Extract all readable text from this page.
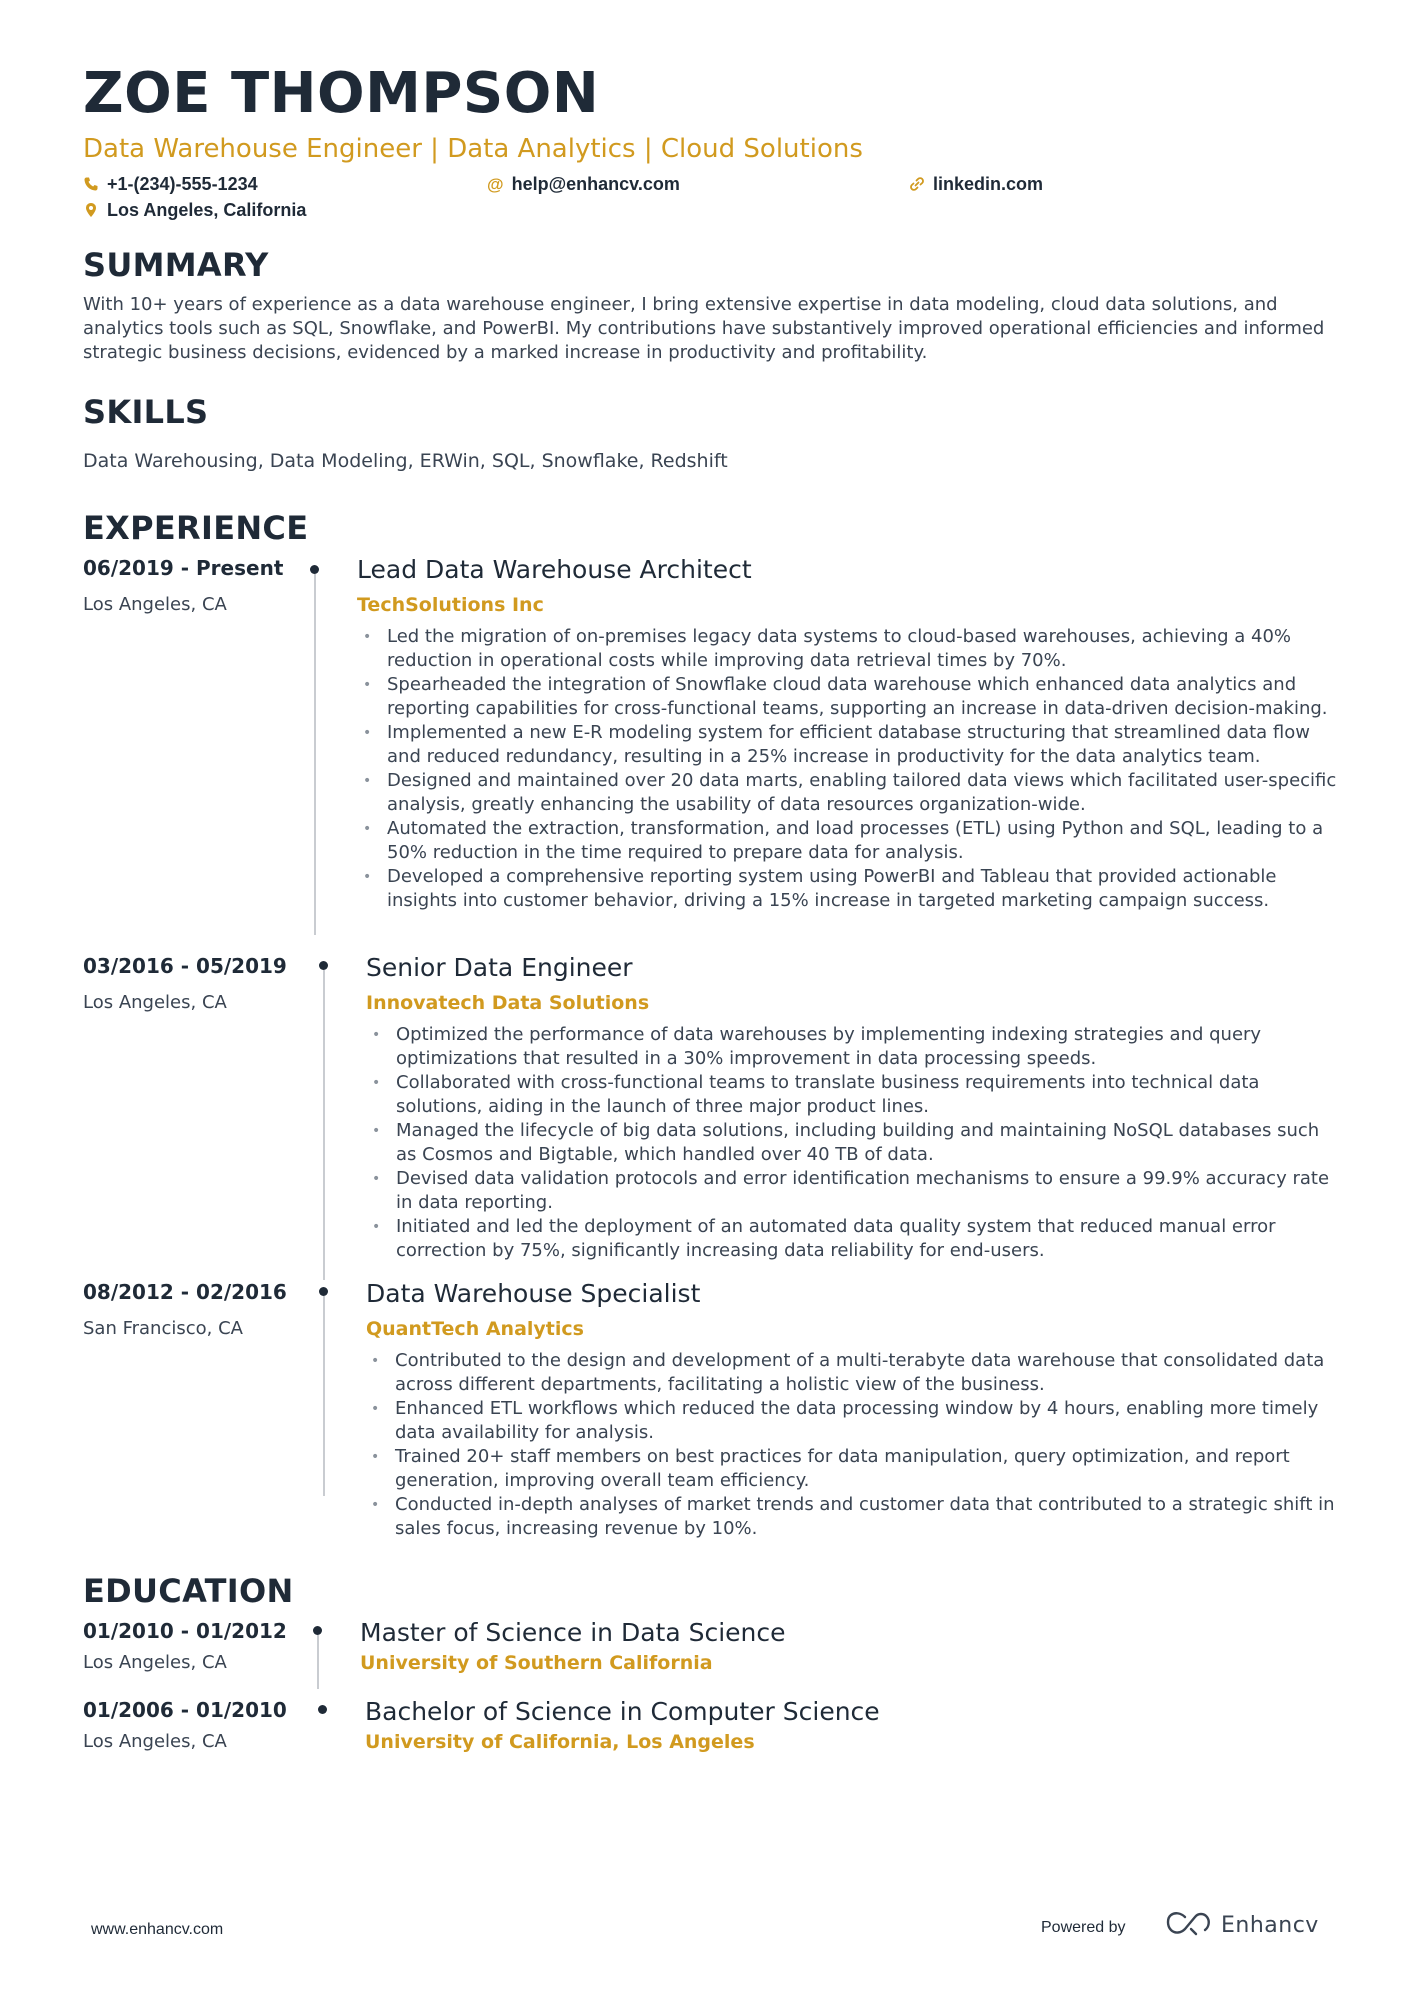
ZOE THOMPSON
Data Warehouse Engineer | Data Analytics | Cloud Solutions
+1-(234)-555-1234	@ help@enhancv.com	linkedin.com
Los Angeles, California
SUMMARY
With 10+ years of experience as a data warehouse engineer, I bring extensive expertise in data modeling, cloud data solutions, and analytics tools such as SQL, Snowflake, and PowerBI. My contributions have substantively improved operational efficiencies and informed strategic business decisions, evidenced by a marked increase in productivity and profitability.
SKILLS
Data Warehousing, Data Modeling, ERWin, SQL, Snowflake, Redshift
EXPERIENCE
06/2019 - Present
Los Angeles, CA
Lead Data Warehouse Architect
TechSolutions Inc
• Led the migration of on-premises legacy data systems to cloud-based warehouses, achieving a 40% reduction in operational costs while improving data retrieval times by 70%.
• Spearheaded the integration of Snowflake cloud data warehouse which enhanced data analytics and reporting capabilities for cross-functional teams, supporting an increase in data-driven decision-making.
• Implemented a new E-R modeling system for efficient database structuring that streamlined data flow and reduced redundancy, resulting in a 25% increase in productivity for the data analytics team.
• Designed and maintained over 20 data marts, enabling tailored data views which facilitated user-specific analysis, greatly enhancing the usability of data resources organization-wide.
• Automated the extraction, transformation, and load processes (ETL) using Python and SQL, leading to a 50% reduction in the time required to prepare data for analysis.
• Developed a comprehensive reporting system using PowerBI and Tableau that provided actionable insights into customer behavior, driving a 15% increase in targeted marketing campaign success.
03/2016 - 05/2019
Los Angeles, CA
Senior Data Engineer
Innovatech Data Solutions
• Optimized the performance of data warehouses by implementing indexing strategies and query optimizations that resulted in a 30% improvement in data processing speeds.
• Collaborated with cross-functional teams to translate business requirements into technical data solutions, aiding in the launch of three major product lines.
• Managed the lifecycle of big data solutions, including building and maintaining NoSQL databases such as Cosmos and Bigtable, which handled over 40 TB of data.
• Devised data validation protocols and error identification mechanisms to ensure a 99.9% accuracy rate in data reporting.
• Initiated and led the deployment of an automated data quality system that reduced manual error correction by 75%, significantly increasing data reliability for end-users.
08/2012 - 02/2016
San Francisco, CA
Data Warehouse Specialist
QuantTech Analytics
• Contributed to the design and development of a multi-terabyte data warehouse that consolidated data across different departments, facilitating a holistic view of the business.
• Enhanced ETL workflows which reduced the data processing window by 4 hours, enabling more timely data availability for analysis.
• Trained 20+ staff members on best practices for data manipulation, query optimization, and report generation, improving overall team efficiency.
• Conducted in-depth analyses of market trends and customer data that contributed to a strategic shift in sales focus, increasing revenue by 10%.
EDUCATION
01/2010 - 01/2012
Los Angeles, CA
Master of Science in Data Science
University of Southern California
01/2006 - 01/2010
Los Angeles, CA
Bachelor of Science in Computer Science
University of California, Los Angeles
www.enhancv.com	Powered by	Enhancv
